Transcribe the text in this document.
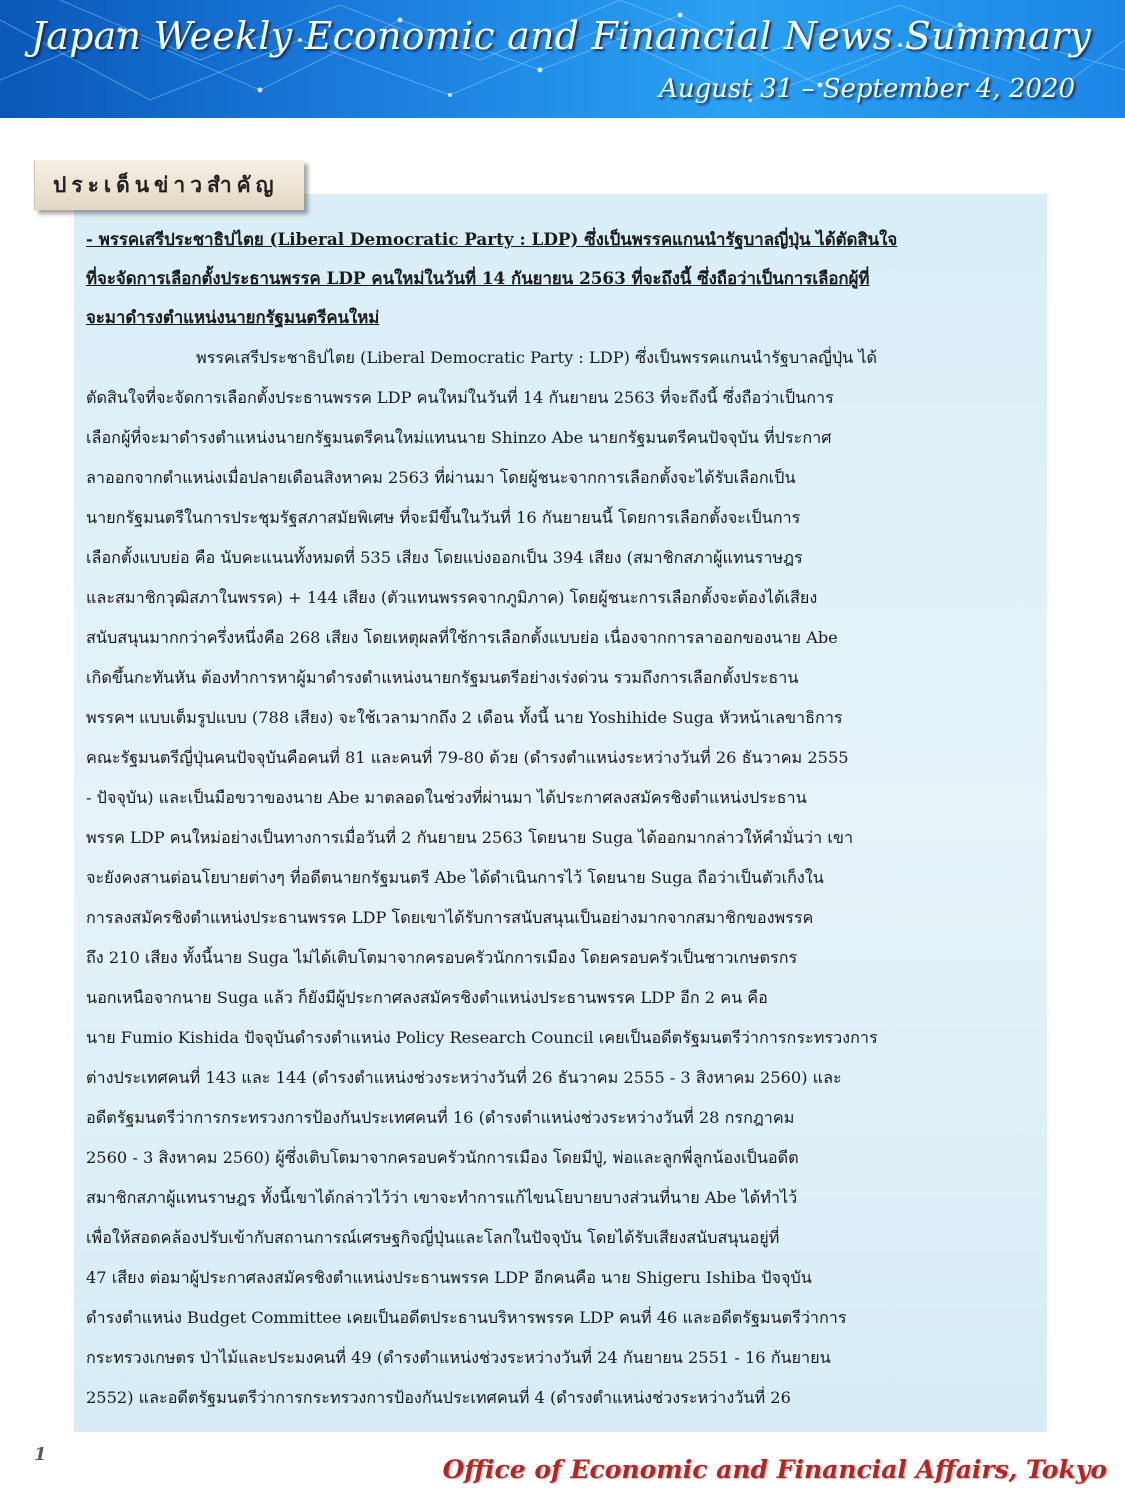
Japan Weekly Economic and Financial News Summary
August 31 – September 4, 2020
ประเด็นข่าวสำคัญ
- พรรคเสรีประชาธิปไตย (Liberal Democratic Party : LDP) ซึ่งเป็นพรรคแกนนำรัฐบาลญี่ปุ่น ได้ตัดสินใจ
ที่จะจัดการเลือกตั้งประธานพรรค LDP คนใหม่ในวันที่ 14 กันยายน 2563 ที่จะถึงนี้ ซึ่งถือว่าเป็นการเลือกผู้ที่
จะมาดำรงตำแหน่งนายกรัฐมนตรีคนใหม่
พรรคเสรีประชาธิปไตย (Liberal Democratic Party : LDP) ซึ่งเป็นพรรคแกนนำรัฐบาลญี่ปุ่น ได้
ตัดสินใจที่จะจัดการเลือกตั้งประธานพรรค LDP คนใหม่ในวันที่ 14 กันยายน 2563 ที่จะถึงนี้ ซึ่งถือว่าเป็นการ
เลือกผู้ที่จะมาดำรงตำแหน่งนายกรัฐมนตรีคนใหม่แทนนาย Shinzo Abe นายกรัฐมนตรีคนปัจจุบัน ที่ประกาศ
ลาออกจากตำแหน่งเมื่อปลายเดือนสิงหาคม 2563 ที่ผ่านมา โดยผู้ชนะจากการเลือกตั้งจะได้รับเลือกเป็น
นายกรัฐมนตรีในการประชุมรัฐสภาสมัยพิเศษ ที่จะมีขึ้นในวันที่ 16 กันยายนนี้ โดยการเลือกตั้งจะเป็นการ
เลือกตั้งแบบย่อ คือ นับคะแนนทั้งหมดที่ 535 เสียง โดยแบ่งออกเป็น 394 เสียง (สมาชิกสภาผู้แทนราษฎร
และสมาชิกวุฒิสภาในพรรค) + 144 เสียง (ตัวแทนพรรคจากภูมิภาค) โดยผู้ชนะการเลือกตั้งจะต้องได้เสียง
สนับสนุนมากกว่าครึ่งหนึ่งคือ 268 เสียง โดยเหตุผลที่ใช้การเลือกตั้งแบบย่อ เนื่องจากการลาออกของนาย Abe
เกิดขึ้นกะทันหัน ต้องทำการหาผู้มาดำรงตำแหน่งนายกรัฐมนตรีอย่างเร่งด่วน รวมถึงการเลือกตั้งประธาน
พรรคฯ แบบเต็มรูปแบบ (788 เสียง) จะใช้เวลามากถึง 2 เดือน ทั้งนี้ นาย Yoshihide Suga หัวหน้าเลขาธิการ
คณะรัฐมนตรีญี่ปุ่นคนปัจจุบันคือคนที่ 81 และคนที่ 79-80 ด้วย (ดำรงตำแหน่งระหว่างวันที่ 26 ธันวาคม 2555
- ปัจจุบัน) และเป็นมือขวาของนาย Abe มาตลอดในช่วงที่ผ่านมา ได้ประกาศลงสมัครชิงตำแหน่งประธาน
พรรค LDP คนใหม่อย่างเป็นทางการเมื่อวันที่ 2 กันยายน 2563 โดยนาย Suga ได้ออกมากล่าวให้คำมั่นว่า เขา
จะยังคงสานต่อนโยบายต่างๆ ที่อดีตนายกรัฐมนตรี Abe ได้ดำเนินการไว้ โดยนาย Suga ถือว่าเป็นตัวเก็งใน
การลงสมัครชิงตำแหน่งประธานพรรค LDP โดยเขาได้รับการสนับสนุนเป็นอย่างมากจากสมาชิกของพรรค
ถึง 210 เสียง ทั้งนี้นาย Suga ไม่ได้เติบโตมาจากครอบครัวนักการเมือง โดยครอบครัวเป็นชาวเกษตรกร
นอกเหนือจากนาย Suga แล้ว ก็ยังมีผู้ประกาศลงสมัครชิงตำแหน่งประธานพรรค LDP อีก 2 คน คือ
นาย Fumio Kishida ปัจจุบันดำรงตำแหน่ง Policy Research Council เคยเป็นอดีตรัฐมนตรีว่าการกระทรวงการ
ต่างประเทศคนที่ 143 และ 144 (ดำรงตำแหน่งช่วงระหว่างวันที่ 26 ธันวาคม 2555 - 3 สิงหาคม 2560) และ
อดีตรัฐมนตรีว่าการกระทรวงการป้องกันประเทศคนที่ 16 (ดำรงตำแหน่งช่วงระหว่างวันที่ 28 กรกฎาคม
2560 - 3 สิงหาคม 2560) ผู้ซึ่งเติบโตมาจากครอบครัวนักการเมือง โดยมีปู่, พ่อและลูกพี่ลูกน้องเป็นอดีต
สมาชิกสภาผู้แทนราษฎร ทั้งนี้เขาได้กล่าวไว้ว่า เขาจะทำการแก้ไขนโยบายบางส่วนที่นาย Abe ได้ทำไว้
เพื่อให้สอดคล้องปรับเข้ากับสถานการณ์เศรษฐกิจญี่ปุ่นและโลกในปัจจุบัน โดยได้รับเสียงสนับสนุนอยู่ที่
47 เสียง ต่อมาผู้ประกาศลงสมัครชิงตำแหน่งประธานพรรค LDP อีกคนคือ นาย Shigeru Ishiba ปัจจุบัน
ดำรงตำแหน่ง Budget Committee เคยเป็นอดีตประธานบริหารพรรค LDP คนที่ 46 และอดีตรัฐมนตรีว่าการ
กระทรวงเกษตร ป่าไม้และประมงคนที่ 49 (ดำรงตำแหน่งช่วงระหว่างวันที่ 24 กันยายน 2551 - 16 กันยายน
2552) และอดีตรัฐมนตรีว่าการกระทรวงการป้องกันประเทศคนที่ 4 (ดำรงตำแหน่งช่วงระหว่างวันที่ 26
1
Office of Economic and Financial Affairs, Tokyo
